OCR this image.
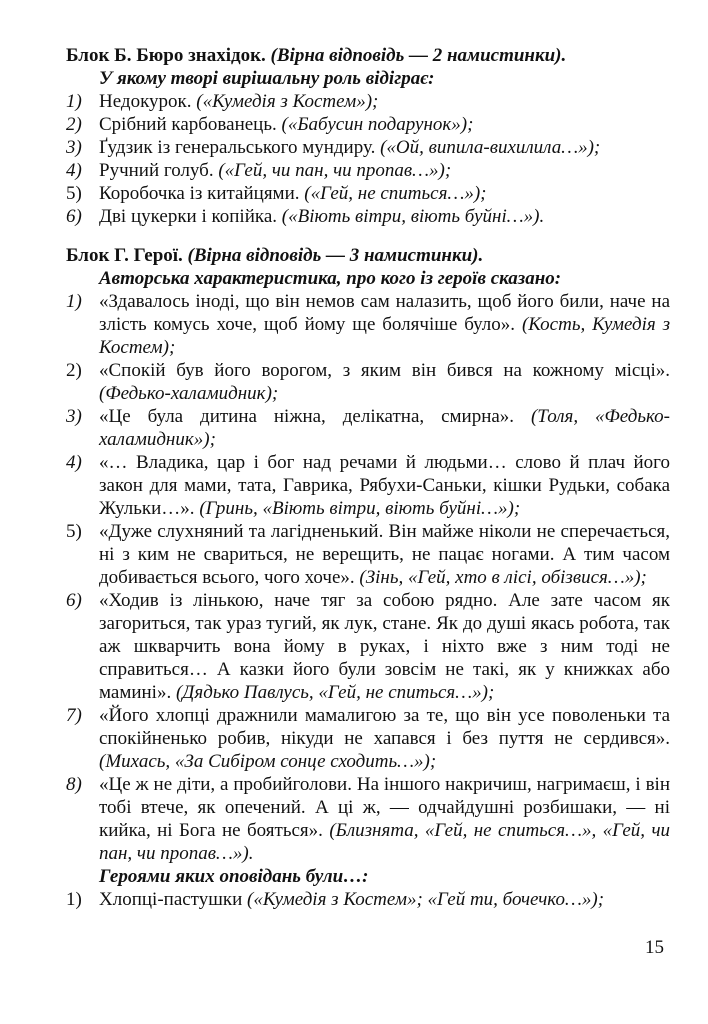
Блок Б. Бюро знахідок. (Вірна відповідь — 2 намистинки).

У якому творі вирішальну роль відіграє:

1) Недокурок. («Кумедія з Костем»);
2) Срібний карбованець. («Бабусин подарунок»);
3) Ґудзик із генеральського мундиру. («Ой, випила-вихилила…»);
4) Ручний голуб. («Гей, чи пан, чи пропав…»);
5) Коробочка із китайцями. («Гей, не спиться…»);
6) Дві цукерки і копійка. («Віють вітри, віють буйні…»).

Блок Г. Герої. (Вірна відповідь — 3 намистинки).

Авторська характеристика, про кого із героїв сказано:

1) «Здавалось іноді, що він немов сам налазить, щоб його били, наче на злість комусь хоче, щоб йому ще болячіше було». (Кость, Кумедія з Костем);
2) «Спокій був його ворогом, з яким він бився на кожному місці». (Федько-халамидник);
3) «Це була дитина ніжна, делікатна, смирна». (Толя, «Федько-халамидник»);
4) «… Владика, цар і бог над речами й людьми… слово й плач його закон для мами, тата, Гаврика, Рябухи-Саньки, кішки Рудьки, собака Жульки…». (Гринь, «Віють вітри, віють буйні…»);
5) «Дуже слухняний та лагідненький. Він майже ніколи не сперечається, ні з ким не свариться, не верещить, не пацає ногами. А тим часом добивається всього, чого хоче». (Зінь, «Гей, хто в лісі, обізвися…»);
6) «Ходив із лінькою, наче тяг за собою рядно. Але зате часом як загориться, так ураз тугий, як лук, стане. Як до душі якась робота, так аж шкварчить вона йому в руках, і ніхто вже з ним тоді не справиться… А казки його були зовсім не такі, як у книжках або мамині». (Дядько Павлусь, «Гей, не спиться…»);
7) «Його хлопці дражнили мамалигою за те, що він усе поволеньки та спокійненько робив, нікуди не хапався і без пуття не сердився». (Михась, «За Сибіром сонце сходить…»);
8) «Це ж не діти, а пробийголови. На іншого накричиш, нагримаєш, і він тобі втече, як опечений. А ці ж, — одчайдушні розбишаки, — ні кийка, ні Бога не бояться». (Близнята, «Гей, не спиться…», «Гей, чи пан, чи пропав…»).

Героями яких оповідань були…:

1) Хлопці-пастушки («Кумедія з Костем»; «Гей ти, бочечко…»);
15
